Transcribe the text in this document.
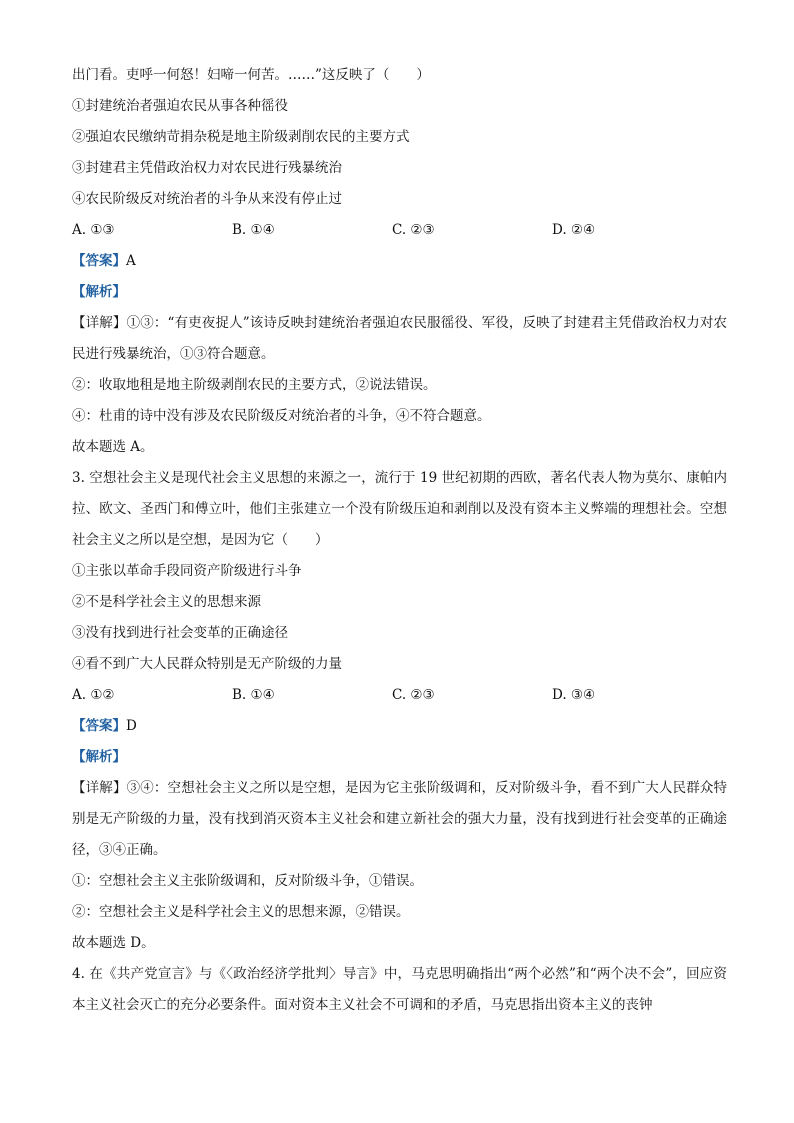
出门看。吏呼一何怒！妇啼一何苦。……”这反映了（　　）
①封建统治者强迫农民从事各种徭役
②强迫农民缴纳苛捐杂税是地主阶级剥削农民的主要方式
③封建君主凭借政治权力对农民进行残暴统治
④农民阶级反对统治者的斗争从来没有停止过
A. ①③	B. ①④	C. ②③	D. ②④
【答案】A
【解析】
【详解】①③：“有吏夜捉人”该诗反映封建统治者强迫农民服徭役、军役，反映了封建君主凭借政治权力对农民进行残暴统治，①③符合题意。
②：收取地租是地主阶级剥削农民的主要方式，②说法错误。
④：杜甫的诗中没有涉及农民阶级反对统治者的斗争，④不符合题意。
故本题选 A。
3. 空想社会主义是现代社会主义思想的来源之一，流行于 19 世纪初期的西欧，著名代表人物为莫尔、康帕内拉、欧文、圣西门和傅立叶，他们主张建立一个没有阶级压迫和剥削以及没有资本主义弊端的理想社会。空想社会主义之所以是空想，是因为它（　　）
①主张以革命手段同资产阶级进行斗争
②不是科学社会主义的思想来源
③没有找到进行社会变革的正确途径
④看不到广大人民群众特别是无产阶级的力量
A. ①②	B. ①④	C. ②③	D. ③④
【答案】D
【解析】
【详解】③④：空想社会主义之所以是空想，是因为它主张阶级调和，反对阶级斗争，看不到广大人民群众特别是无产阶级的力量，没有找到消灭资本主义社会和建立新社会的强大力量，没有找到进行社会变革的正确途径，③④正确。
①：空想社会主义主张阶级调和，反对阶级斗争，①错误。
②：空想社会主义是科学社会主义的思想来源，②错误。
故本题选 D。
4. 在《共产党宣言》与《〈政治经济学批判〉导言》中，马克思明确指出“两个必然”和“两个决不会”，回应资本主义社会灭亡的充分必要条件。面对资本主义社会不可调和的矛盾，马克思指出资本主义的丧钟
